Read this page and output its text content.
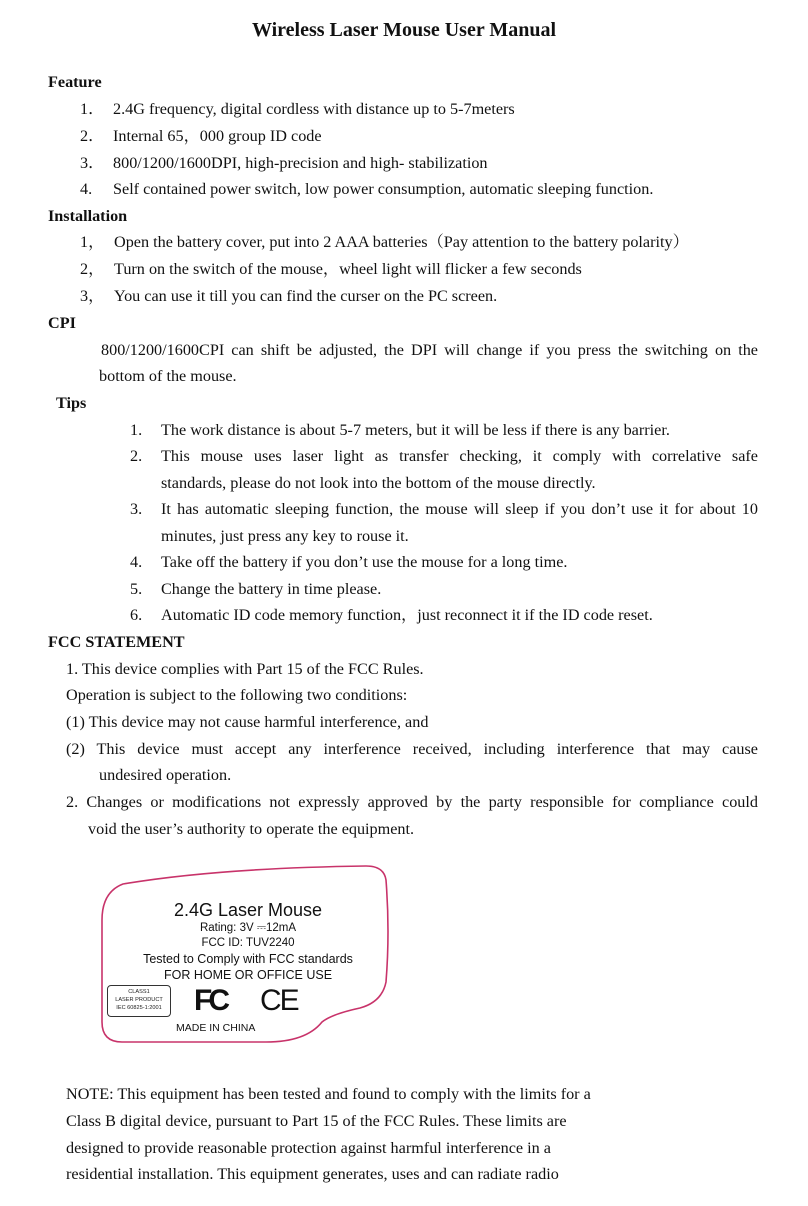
Wireless Laser Mouse User Manual
Feature
1． 2.4G frequency, digital cordless with distance up to 5-7meters
2． Internal 65，000 group ID code
3． 800/1200/1600DPI, high-precision and high- stabilization
4. Self contained power switch, low power consumption, automatic sleeping function.
Installation
1， Open the battery cover, put into 2 AAA batteries（Pay attention to the battery polarity）
2， Turn on the switch of the mouse，wheel light will flicker a few seconds
3， You can use it till you can find the curser on the PC screen.
CPI
800/1200/1600CPI can shift be adjusted, the DPI will change if you press the switching on the
bottom of the mouse.
Tips
1. The work distance is about 5-7 meters, but it will be less if there is any barrier.
2. This mouse uses laser light as transfer checking, it comply with correlative safe
standards, please do not look into the bottom of the mouse directly.
3. It has automatic sleeping function, the mouse will sleep if you don’t use it for about 10
minutes, just press any key to rouse it.
4. Take off the battery if you don’t use the mouse for a long time.
5. Change the battery in time please.
6. Automatic ID code memory function，just reconnect it if the ID code reset.
FCC STATEMENT
1. This device complies with Part 15 of the FCC Rules.
Operation is subject to the following two conditions:
(1) This device may not cause harmful interference, and
(2) This device must accept any interference received, including interference that may cause
undesired operation.
2. Changes or modifications not expressly approved by the party responsible for compliance could
void the user’s authority to operate the equipment.
2.4G Laser Mouse
Rating: 3V ⎓12mA
FCC ID: TUV2240
Tested to Comply with FCC standards
FOR HOME OR OFFICE USE
CLASS1
LASER PRODUCT
IEC 60825-1:2001 FC CE
MADE IN CHINA
NOTE: This equipment has been tested and found to comply with the limits for a
Class B digital device, pursuant to Part 15 of the FCC Rules. These limits are
designed to provide reasonable protection against harmful interference in a
residential installation. This equipment generates, uses and can radiate radio
